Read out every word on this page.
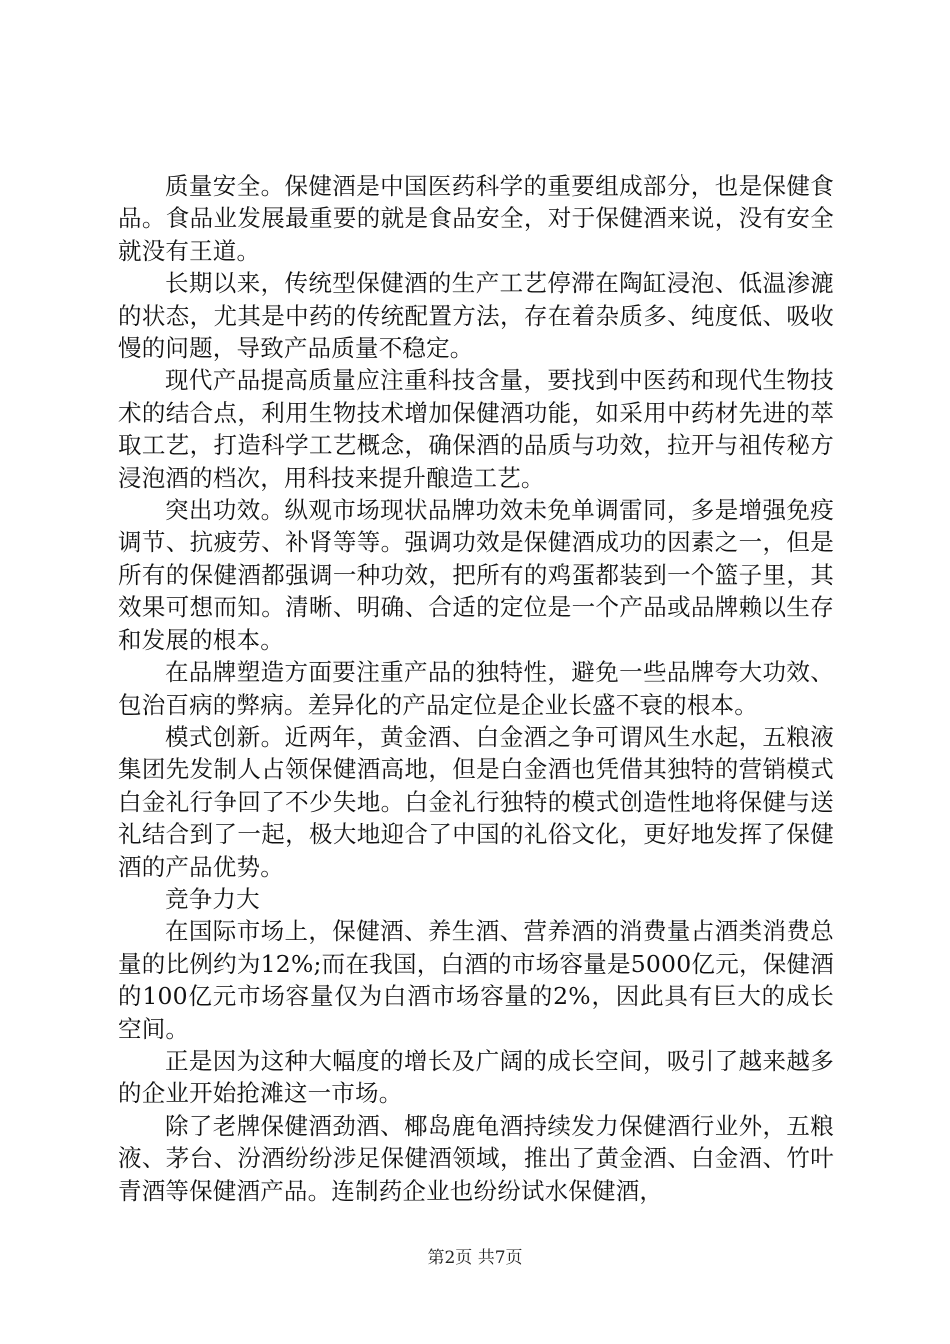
质量安全。保健酒是中国医药科学的重要组成部分，也是保健食品。食品业发展最重要的就是食品安全，对于保健酒来说，没有安全就没有王道。

长期以来，传统型保健酒的生产工艺停滞在陶缸浸泡、低温渗漉的状态，尤其是中药的传统配置方法，存在着杂质多、纯度低、吸收慢的问题，导致产品质量不稳定。

现代产品提高质量应注重科技含量，要找到中医药和现代生物技术的结合点，利用生物技术增加保健酒功能，如采用中药材先进的萃取工艺，打造科学工艺概念，确保酒的品质与功效，拉开与祖传秘方浸泡酒的档次，用科技来提升酿造工艺。

突出功效。纵观市场现状品牌功效未免单调雷同，多是增强免疫调节、抗疲劳、补肾等等。强调功效是保健酒成功的因素之一，但是所有的保健酒都强调一种功效，把所有的鸡蛋都装到一个篮子里，其效果可想而知。清晰、明确、合适的定位是一个产品或品牌赖以生存和发展的根本。

在品牌塑造方面要注重产品的独特性，避免一些品牌夸大功效、包治百病的弊病。差异化的产品定位是企业长盛不衰的根本。

模式创新。近两年，黄金酒、白金酒之争可谓风生水起，五粮液集团先发制人占领保健酒高地，但是白金酒也凭借其独特的营销模式白金礼行争回了不少失地。白金礼行独特的模式创造性地将保健与送礼结合到了一起，极大地迎合了中国的礼俗文化，更好地发挥了保健酒的产品优势。

竞争力大

在国际市场上，保健酒、养生酒、营养酒的消费量占酒类消费总量的比例约为12%;而在我国，白酒的市场容量是5000亿元，保健酒的100亿元市场容量仅为白酒市场容量的2%，因此具有巨大的成长空间。

正是因为这种大幅度的增长及广阔的成长空间，吸引了越来越多的企业开始抢滩这一市场。

除了老牌保健酒劲酒、椰岛鹿龟酒持续发力保健酒行业外，五粮液、茅台、汾酒纷纷涉足保健酒领域，推出了黄金酒、白金酒、竹叶青酒等保健酒产品。连制药企业也纷纷试水保健酒，

第2页 共7页
